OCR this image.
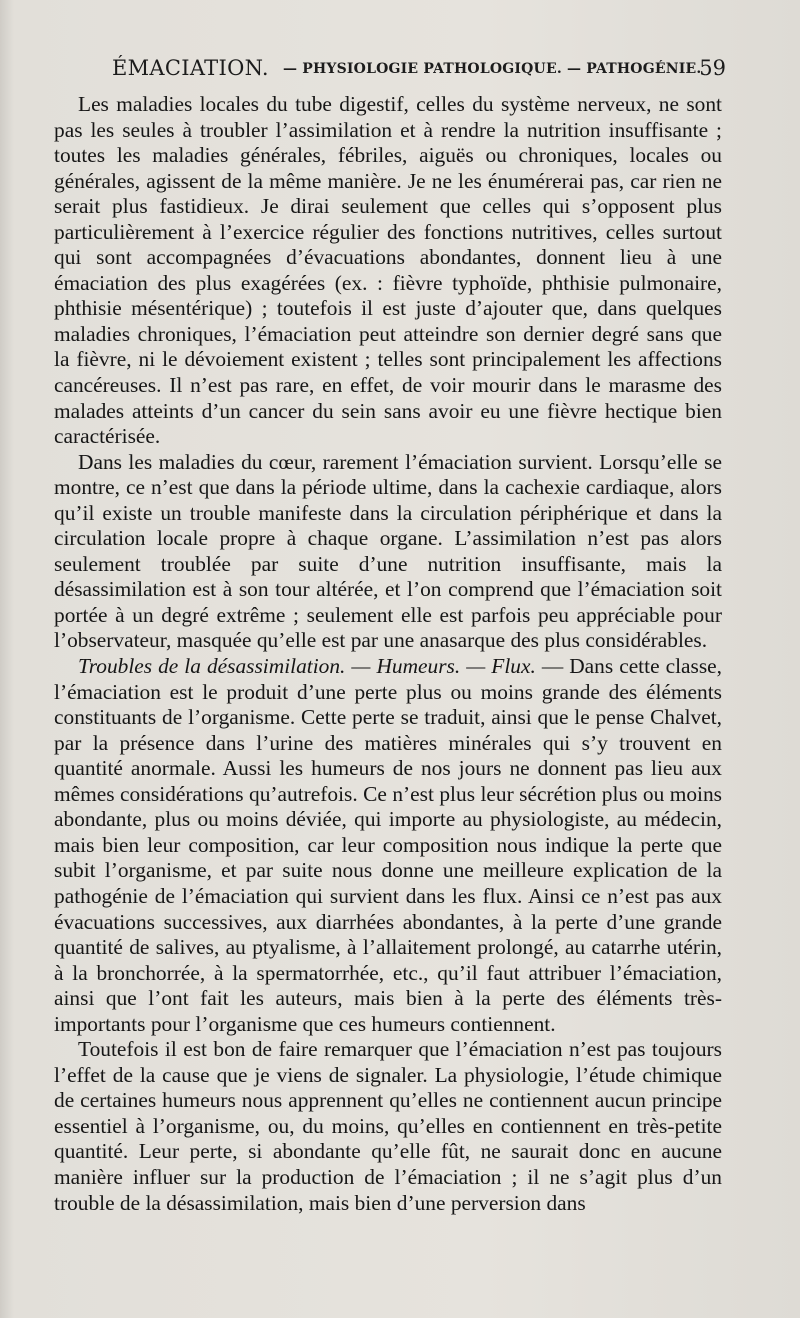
ÉMACIATION. — PHYSIOLOGIE PATHOLOGIQUE. — PATHOGÉNIE.
59

Les maladies locales du tube digestif, celles du système nerveux, ne sont pas les seules à troubler l’assimilation et à rendre la nutrition insuffisante ; toutes les maladies générales, fébriles, aiguës ou chroniques, locales ou générales, agissent de la même manière. Je ne les énumérerai pas, car rien ne serait plus fastidieux. Je dirai seulement que celles qui s’opposent plus particulièrement à l’exercice régulier des fonctions nutritives, celles surtout qui sont accompagnées d’évacuations abondantes, donnent lieu à une émaciation des plus exagérées (ex. : fièvre typhoïde, phthisie pulmonaire, phthisie mésentérique) ; toutefois il est juste d’ajouter que, dans quelques maladies chroniques, l’émaciation peut atteindre son dernier degré sans que la fièvre, ni le dévoiement existent ; telles sont principalement les affections cancéreuses. Il n’est pas rare, en effet, de voir mourir dans le marasme des malades atteints d’un cancer du sein sans avoir eu une fièvre hectique bien caractérisée.

Dans les maladies du cœur, rarement l’émaciation survient. Lorsqu’elle se montre, ce n’est que dans la période ultime, dans la cachexie cardiaque, alors qu’il existe un trouble manifeste dans la circulation périphérique et dans la circulation locale propre à chaque organe. L’assimilation n’est pas alors seulement troublée par suite d’une nutrition insuffisante, mais la désassimilation est à son tour altérée, et l’on comprend que l’émaciation soit portée à un degré extrême ; seulement elle est parfois peu appréciable pour l’observateur, masquée qu’elle est par une anasarque des plus considérables.

Troubles de la désassimilation. — Humeurs. — Flux. — Dans cette classe, l’émaciation est le produit d’une perte plus ou moins grande des éléments constituants de l’organisme. Cette perte se traduit, ainsi que le pense Chalvet, par la présence dans l’urine des matières minérales qui s’y trouvent en quantité anormale. Aussi les humeurs de nos jours ne donnent pas lieu aux mêmes considérations qu’autrefois. Ce n’est plus leur sécrétion plus ou moins abondante, plus ou moins déviée, qui importe au physiologiste, au médecin, mais bien leur composition, car leur composition nous indique la perte que subit l’organisme, et par suite nous donne une meilleure explication de la pathogénie de l’émaciation qui survient dans les flux. Ainsi ce n’est pas aux évacuations successives, aux diarrhées abondantes, à la perte d’une grande quantité de salives, au ptyalisme, à l’allaitement prolongé, au catarrhe utérin, à la bronchorrée, à la spermatorrhée, etc., qu’il faut attribuer l’émaciation, ainsi que l’ont fait les auteurs, mais bien à la perte des éléments très-importants pour l’organisme que ces humeurs contiennent.

Toutefois il est bon de faire remarquer que l’émaciation n’est pas toujours l’effet de la cause que je viens de signaler. La physiologie, l’étude chimique de certaines humeurs nous apprennent qu’elles ne contiennent aucun principe essentiel à l’organisme, ou, du moins, qu’elles en contiennent en très-petite quantité. Leur perte, si abondante qu’elle fût, ne saurait donc en aucune manière influer sur la production de l’émaciation ; il ne s’agit plus d’un trouble de la désassimilation, mais bien d’une perversion dans
